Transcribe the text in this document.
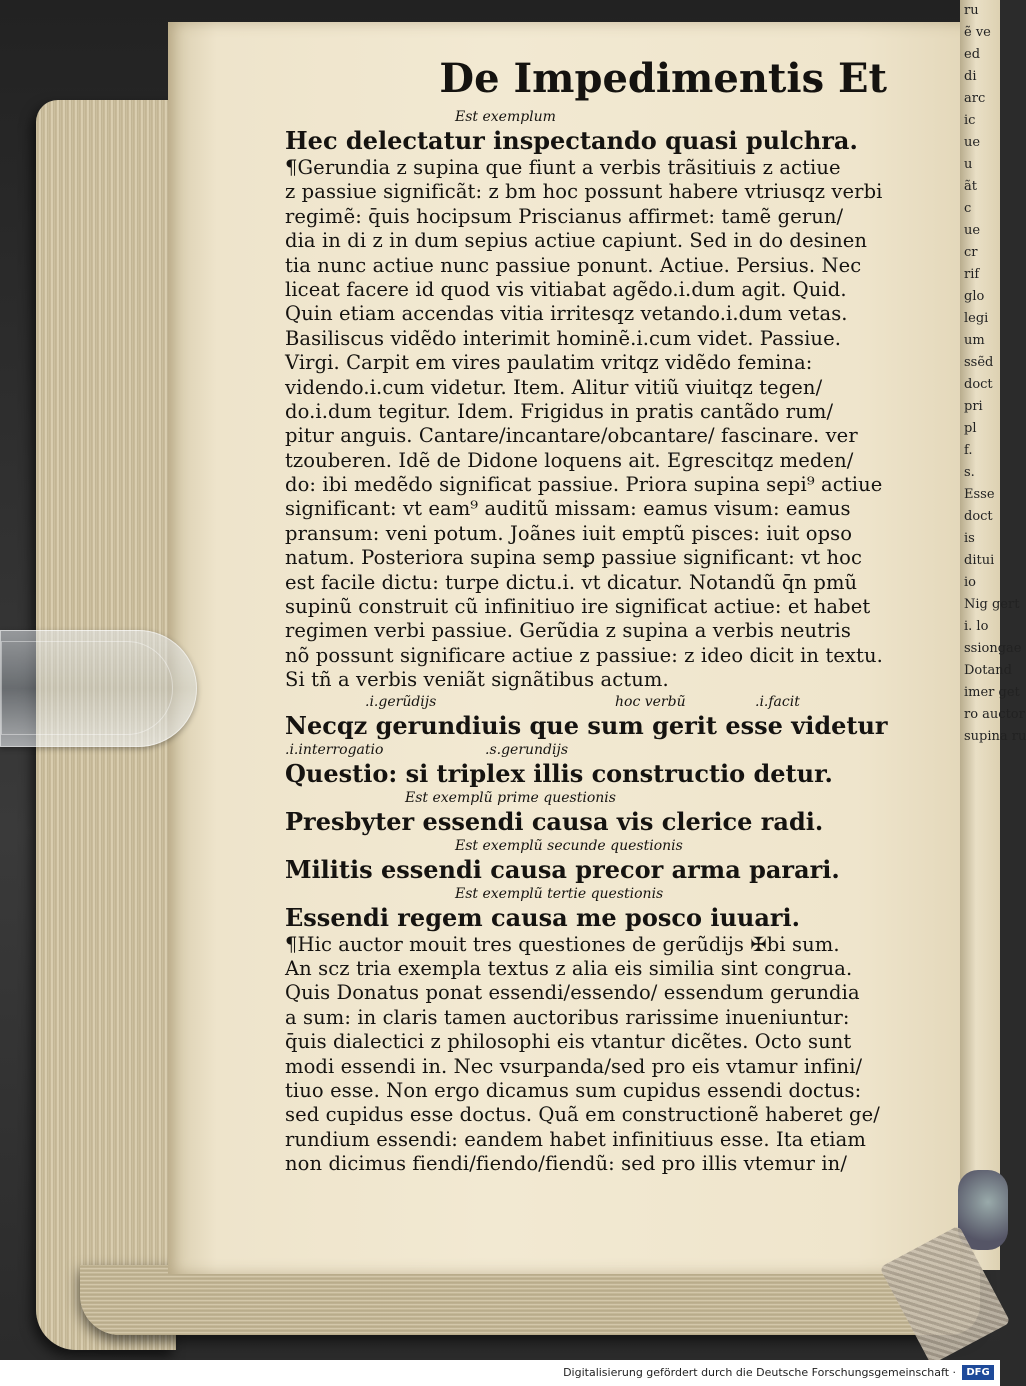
ru
ẽ ve
ed
di
arc
ic
ue
u
ãt
c
ue
cr
rif
glo
legi
um
ssẽd
doct
pri
pl
f.
s.
Esse
doct
is
ditui
io
Nig gert
i. lo
ssiongae
Dotand
imer get
ro auctor
supina ru
De Impedimentis Et
Est exemplum
Hec delectatur inspectando quasi pulchra.
¶Gerundia z supina que fiunt a verbis trãsitiuis z actiue
z passiue significãt: z bm hoc possunt habere vtriusqz verbi
regimẽ: q̄uis hocipsum Priscianus affirmet: tamẽ gerun/
dia in di z in dum sepius actiue capiunt. Sed in do desinen
tia nunc actiue nunc passiue ponunt. Actiue. Persius. Nec
liceat facere id quod vis vitiabat agẽdo.i.dum agit. Quid.
Quin etiam accendas vitia irritesqz vetando.i.dum vetas.
Basiliscus vidẽdo interimit hominẽ.i.cum videt. Passiue.
Virgi. Carpit em vires paulatim vritqz vidẽdo femina:
videndo.i.cum videtur. Item. Alitur vitiũ viuitqz tegen/
do.i.dum tegitur. Idem. Frigidus in pratis cantãdo rum/
pitur anguis. Cantare/incantare/obcantare/ fascinare. ver
tzouberen. Idẽ de Didone loquens ait. Egrescitqz meden/
do: ibi medẽdo significat passiue. Priora supina sepi⁹ actiue
significant: vt eam⁹ auditũ missam: eamus visum: eamus
pransum: veni potum. Joãnes iuit emptũ pisces: iuit opso
natum. Posteriora supina semꝑ passiue significant: vt hoc
est facile dictu: turpe dictu.i. vt dicatur. Notandũ q̄n pmũ
supinũ construit cũ infinitiuo ire significat actiue: et habet
regimen verbi passiue. Gerũdia z supina a verbis neutris
nõ possunt significare actiue z passiue: z ideo dicit in textu.
Si tñ a verbis veniãt signãtibus actum.
.i.gerũdijs	hoc verbũ	.i.facit
Necqz gerundiuis que sum gerit esse videtur
.i.interrogatio	.s.gerundijs
Questio: si triplex illis constructio detur.
Est exemplũ prime questionis
Presbyter essendi causa vis clerice radi.
Est exemplũ secunde questionis
Militis essendi causa precor arma parari.
Est exemplũ tertie questionis
Essendi regem causa me posco iuuari.
¶Hic auctor mouit tres questiones de gerũdijs ✠bi sum.
An scz tria exempla textus z alia eis similia sint congrua.
Quis Donatus ponat essendi/essendo/ essendum gerundia
a sum: in claris tamen auctoribus rarissime inueniuntur:
q̄uis dialectici z philosophi eis vtantur dicẽtes. Octo sunt
modi essendi in. Nec vsurpanda/sed pro eis vtamur infini/
tiuo esse. Non ergo dicamus sum cupidus essendi doctus:
sed cupidus esse doctus. Quã em constructionẽ haberet ge/
rundium essendi: eandem habet infinitiuus esse. Ita etiam
non dicimus fiendi/fiendo/fiendũ: sed pro illis vtemur in/
Digitalisierung gefördert durch die Deutsche Forschungsgemeinschaft ·	DFG
